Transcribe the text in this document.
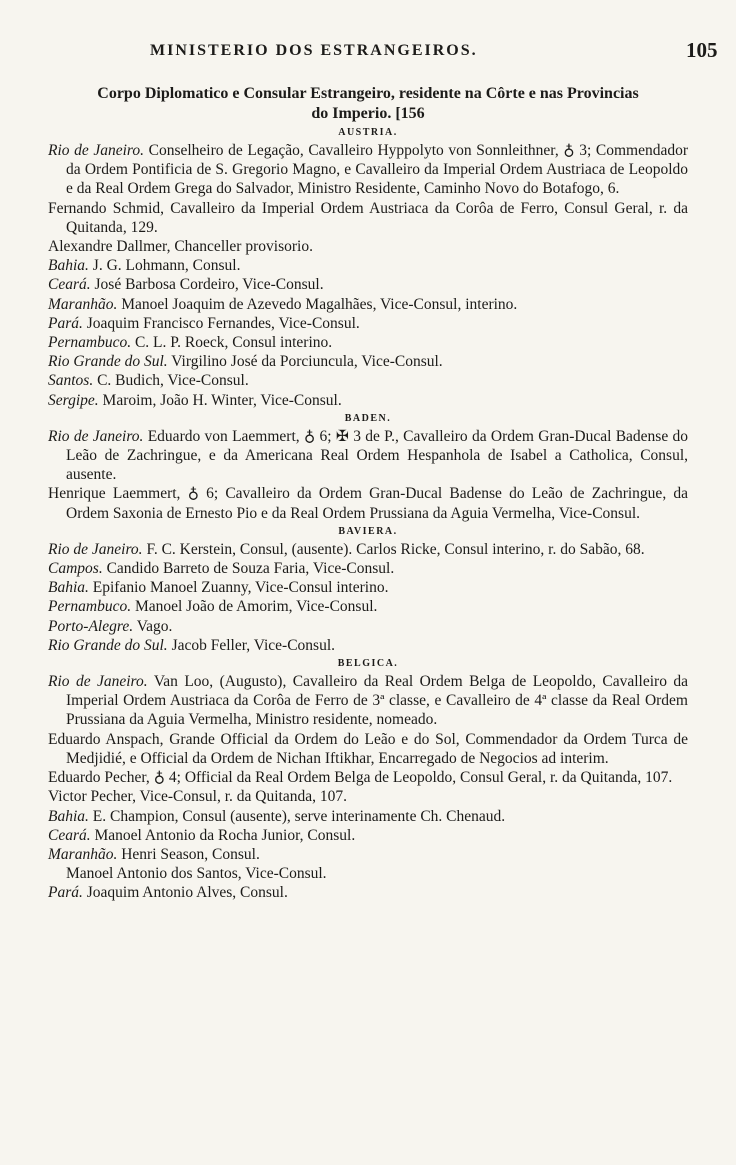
MINISTERIO DOS ESTRANGEIROS.	105
Corpo Diplomatico e Consular Estrangeiro, residente na Côrte e nas Provincias
do Imperio. [156
AUSTRIA.
Rio de Janeiro. Conselheiro de Legação, Cavalleiro Hyppolyto von Sonnleithner, ♁ 3; Commendador da Ordem Pontificia de S. Gregorio Magno, e Cavalleiro da Imperial Ordem Austriaca de Leopoldo e da Real Ordem Grega do Salvador, Ministro Residente, Caminho Novo do Botafogo, 6.
Fernando Schmid, Cavalleiro da Imperial Ordem Austriaca da Corôa de Ferro, Consul Geral, r. da Quitanda, 129.
Alexandre Dallmer, Chanceller provisorio.
Bahia. J. G. Lohmann, Consul.
Ceará. José Barbosa Cordeiro, Vice-Consul.
Maranhão. Manoel Joaquim de Azevedo Magalhães, Vice-Consul, interino.
Pará. Joaquim Francisco Fernandes, Vice-Consul.
Pernambuco. C. L. P. Roeck, Consul interino.
Rio Grande do Sul. Virgilino José da Porciuncula, Vice-Consul.
Santos. C. Budich, Vice-Consul.
Sergipe. Maroim, João H. Winter, Vice-Consul.
BADEN.
Rio de Janeiro. Eduardo von Laemmert, ♁ 6; ✠ 3 de P., Cavalleiro da Ordem Gran-Ducal Badense do Leão de Zachringue, e da Americana Real Ordem Hespanhola de Isabel a Catholica, Consul, ausente.
Henrique Laemmert, ♁ 6; Cavalleiro da Ordem Gran-Ducal Badense do Leão de Zachringue, da Ordem Saxonia de Ernesto Pio e da Real Ordem Prussiana da Aguia Vermelha, Vice-Consul.
BAVIERA.
Rio de Janeiro. F. C. Kerstein, Consul, (ausente). Carlos Ricke, Consul interino, r. do Sabão, 68.
Campos. Candido Barreto de Souza Faria, Vice-Consul.
Bahia. Epifanio Manoel Zuanny, Vice-Consul interino.
Pernambuco. Manoel João de Amorim, Vice-Consul.
Porto-Alegre. Vago.
Rio Grande do Sul. Jacob Feller, Vice-Consul.
BELGICA.
Rio de Janeiro. Van Loo, (Augusto), Cavalleiro da Real Ordem Belga de Leopoldo, Cavalleiro da Imperial Ordem Austriaca da Corôa de Ferro de 3ª classe, e Cavalleiro de 4ª classe da Real Ordem Prussiana da Aguia Vermelha, Ministro residente, nomeado.
Eduardo Anspach, Grande Official da Ordem do Leão e do Sol, Commendador da Ordem Turca de Medjidié, e Official da Ordem de Nichan Iftikhar, Encarregado de Negocios ad interim.
Eduardo Pecher, ♁ 4; Official da Real Ordem Belga de Leopoldo, Consul Geral, r. da Quitanda, 107.
Victor Pecher, Vice-Consul, r. da Quitanda, 107.
Bahia. E. Champion, Consul (ausente), serve interinamente Ch. Chenaud.
Ceará. Manoel Antonio da Rocha Junior, Consul.
Maranhão. Henri Season, Consul.
Manoel Antonio dos Santos, Vice-Consul.
Pará. Joaquim Antonio Alves, Consul.
